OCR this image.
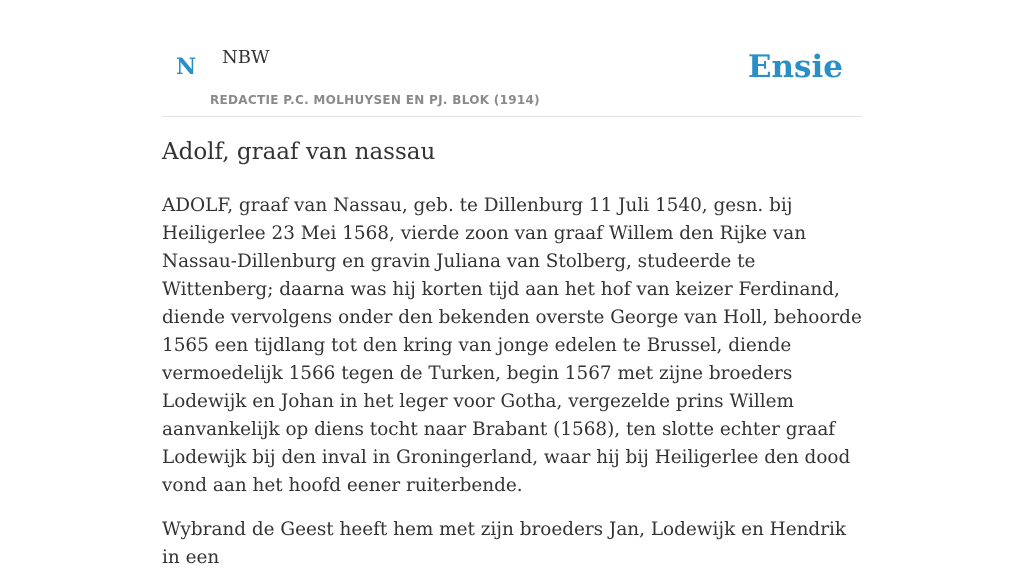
N NBW
REDACTIE P.C. MOLHUYSEN EN PJ. BLOK (1914)
Ensie
Adolf, graaf van nassau

ADOLF, graaf van Nassau, geb. te Dillenburg 11 Juli 1540, gesn. bij Heiligerlee 23 Mei 1568, vierde zoon van graaf Willem den Rijke van Nassau-Dillenburg en gravin Juliana van Stolberg, studeerde te Wittenberg; daarna was hij korten tijd aan het hof van keizer Ferdinand, diende vervolgens onder den bekenden overste George van Holl, behoorde 1565 een tijdlang tot den kring van jonge edelen te Brussel, diende vermoedelijk 1566 tegen de Turken, begin 1567 met zijne broeders Lodewijk en Johan in het leger voor Gotha, vergezelde prins Willem aanvankelijk op diens tocht naar Brabant (1568), ten slotte echter graaf Lodewijk bij den inval in Groningerland, waar hij bij Heiligerlee den dood vond aan het hoofd eener ruiterbende.

Wybrand de Geest heeft hem met zijn broeders Jan, Lodewijk en Hendrik in een
